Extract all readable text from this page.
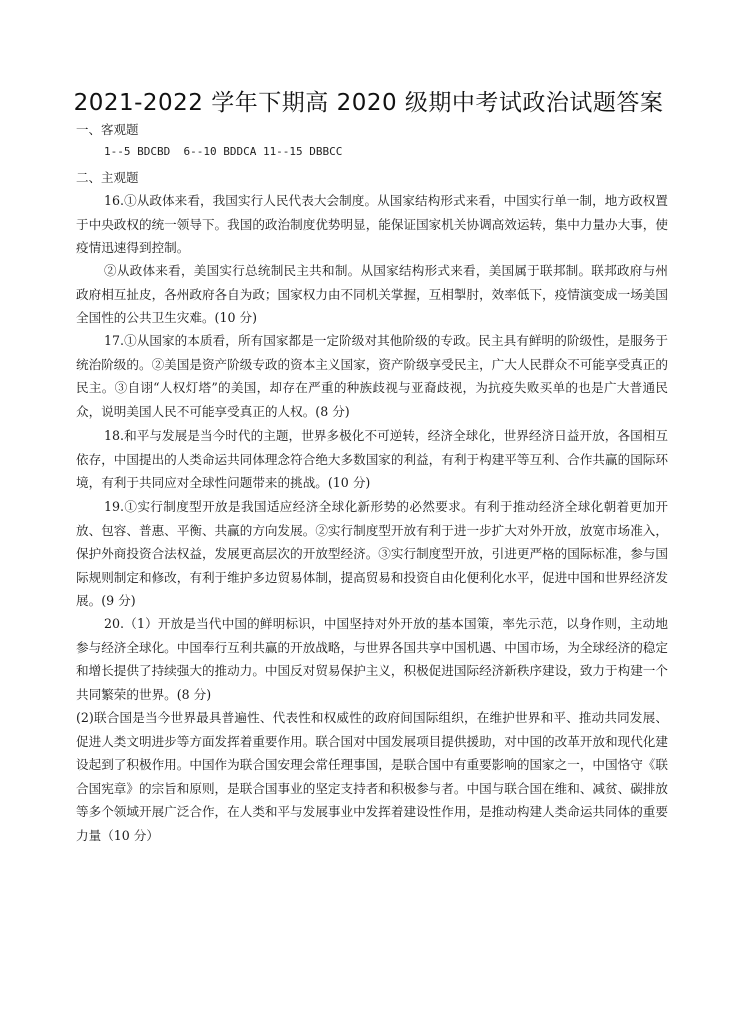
2021-2022 学年下期高 2020 级期中考试政治试题答案
一、客观题
1--5 BDCBD  6--10 BDDCA 11--15 DBBCC
二、主观题
16.①从政体来看，我国实行人民代表大会制度。从国家结构形式来看，中国实行单一制，地方政权置于中央政权的统一领导下。我国的政治制度优势明显，能保证国家机关协调高效运转，集中力量办大事，使疫情迅速得到控制。
②从政体来看，美国实行总统制民主共和制。从国家结构形式来看，美国属于联邦制。联邦政府与州政府相互扯皮，各州政府各自为政；国家权力由不同机关掌握，互相掣肘，效率低下，疫情演变成一场美国全国性的公共卫生灾难。(10 分)
17.①从国家的本质看，所有国家都是一定阶级对其他阶级的专政。民主具有鲜明的阶级性，是服务于统治阶级的。②美国是资产阶级专政的资本主义国家，资产阶级享受民主，广大人民群众不可能享受真正的民主。③自诩“人权灯塔”的美国，却存在严重的种族歧视与亚裔歧视，为抗疫失败买单的也是广大普通民众，说明美国人民不可能享受真正的人权。(8 分)
18.和平与发展是当今时代的主题，世界多极化不可逆转，经济全球化，世界经济日益开放，各国相互依存，中国提出的人类命运共同体理念符合绝大多数国家的利益，有利于构建平等互利、合作共赢的国际环境，有利于共同应对全球性问题带来的挑战。(10 分)
19.①实行制度型开放是我国适应经济全球化新形势的必然要求。有利于推动经济全球化朝着更加开放、包容、普惠、平衡、共赢的方向发展。②实行制度型开放有利于进一步扩大对外开放，放宽市场准入，保护外商投资合法权益，发展更高层次的开放型经济。③实行制度型开放，引进更严格的国际标准，参与国际规则制定和修改，有利于维护多边贸易体制，提高贸易和投资自由化便利化水平，促进中国和世界经济发展。(9 分)
20.（1）开放是当代中国的鲜明标识，中国坚持对外开放的基本国策，率先示范，以身作则，主动地参与经济全球化。中国奉行互利共赢的开放战略，与世界各国共享中国机遇、中国市场，为全球经济的稳定和增长提供了持续强大的推动力。中国反对贸易保护主义，积极促进国际经济新秩序建设，致力于构建一个共同繁荣的世界。(8 分)
(2)联合国是当今世界最具普遍性、代表性和权威性的政府间国际组织，在维护世界和平、推动共同发展、促进人类文明进步等方面发挥着重要作用。联合国对中国发展项目提供援助，对中国的改革开放和现代化建设起到了积极作用。中国作为联合国安理会常任理事国，是联合国中有重要影响的国家之一，中国恪守《联合国宪章》的宗旨和原则，是联合国事业的坚定支持者和积极参与者。中国与联合国在维和、减贫、碳排放等多个领域开展广泛合作，在人类和平与发展事业中发挥着建设性作用，是推动构建人类命运共同体的重要力量（10 分）
